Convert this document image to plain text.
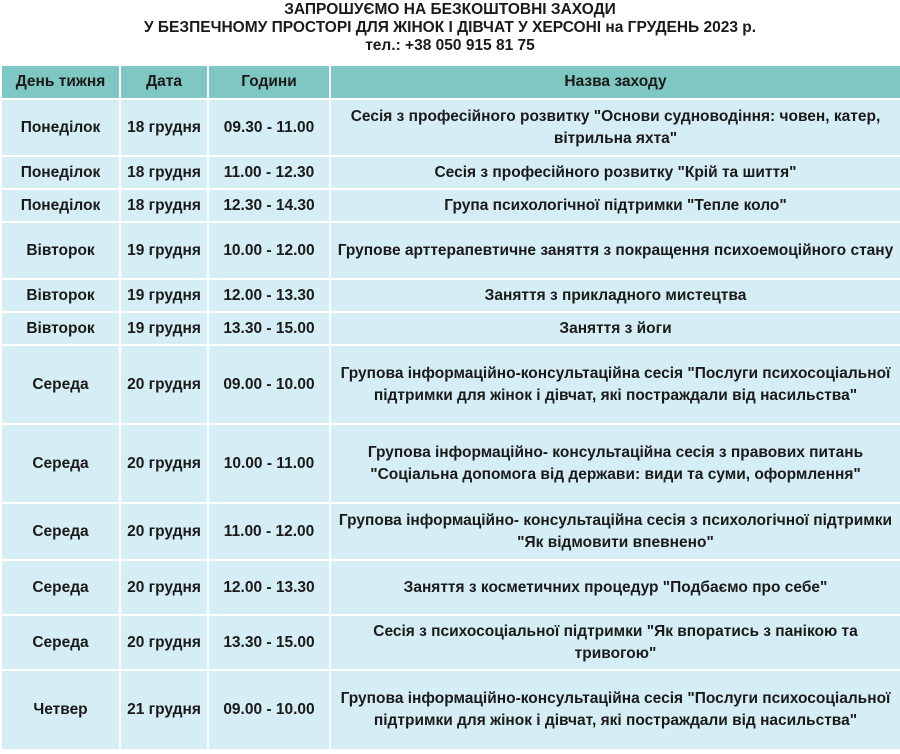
ЗАПРОШУЄМО НА БЕЗКОШТОВНІ ЗАХОДИ
У БЕЗПЕЧНОМУ ПРОСТОРІ ДЛЯ ЖІНОК І ДІВЧАТ У ХЕРСОНІ на ГРУДЕНЬ 2023 р.
тел.: +38 050 915 81 75
День тижня	Дата	Години	Назва заходу
Понеділок	18 грудня	09.30 - 11.00	Сесія з професійного розвитку "Основи судноводіння: човен, катер, вітрильна яхта"
Понеділок	18 грудня	11.00 - 12.30	Сесія з професійного розвитку "Крій та шиття"
Понеділок	18 грудня	12.30 - 14.30	Група психологічної підтримки "Тепле коло"
Вівторок	19 грудня	10.00 - 12.00	Групове арттерапевтичне заняття з покращення психоемоційного стану
Вівторок	19 грудня	12.00 - 13.30	Заняття з прикладного мистецтва
Вівторок	19 грудня	13.30 - 15.00	Заняття з йоги
Середа	20 грудня	09.00 - 10.00	Групова інформаційно-консультаційна сесія "Послуги психосоціальної підтримки для жінок і дівчат, які постраждали від насильства"
Середа	20 грудня	10.00 - 11.00	Групова інформаційно- консультаційна сесія з правових питань "Соціальна допомога від держави: види та суми, оформлення"
Середа	20 грудня	11.00 - 12.00	Групова інформаційно- консультаційна сесія з психологічної підтримки "Як відмовити впевнено"
Середа	20 грудня	12.00 - 13.30	Заняття з косметичних процедур "Подбаємо про себе"
Середа	20 грудня	13.30 - 15.00	Сесія з психосоціальної підтримки "Як впоратись з панікою та тривогою"
Четвер	21 грудня	09.00 - 10.00	Групова інформаційно-консультаційна сесія "Послуги психосоціальної підтримки для жінок і дівчат, які постраждали від насильства"
